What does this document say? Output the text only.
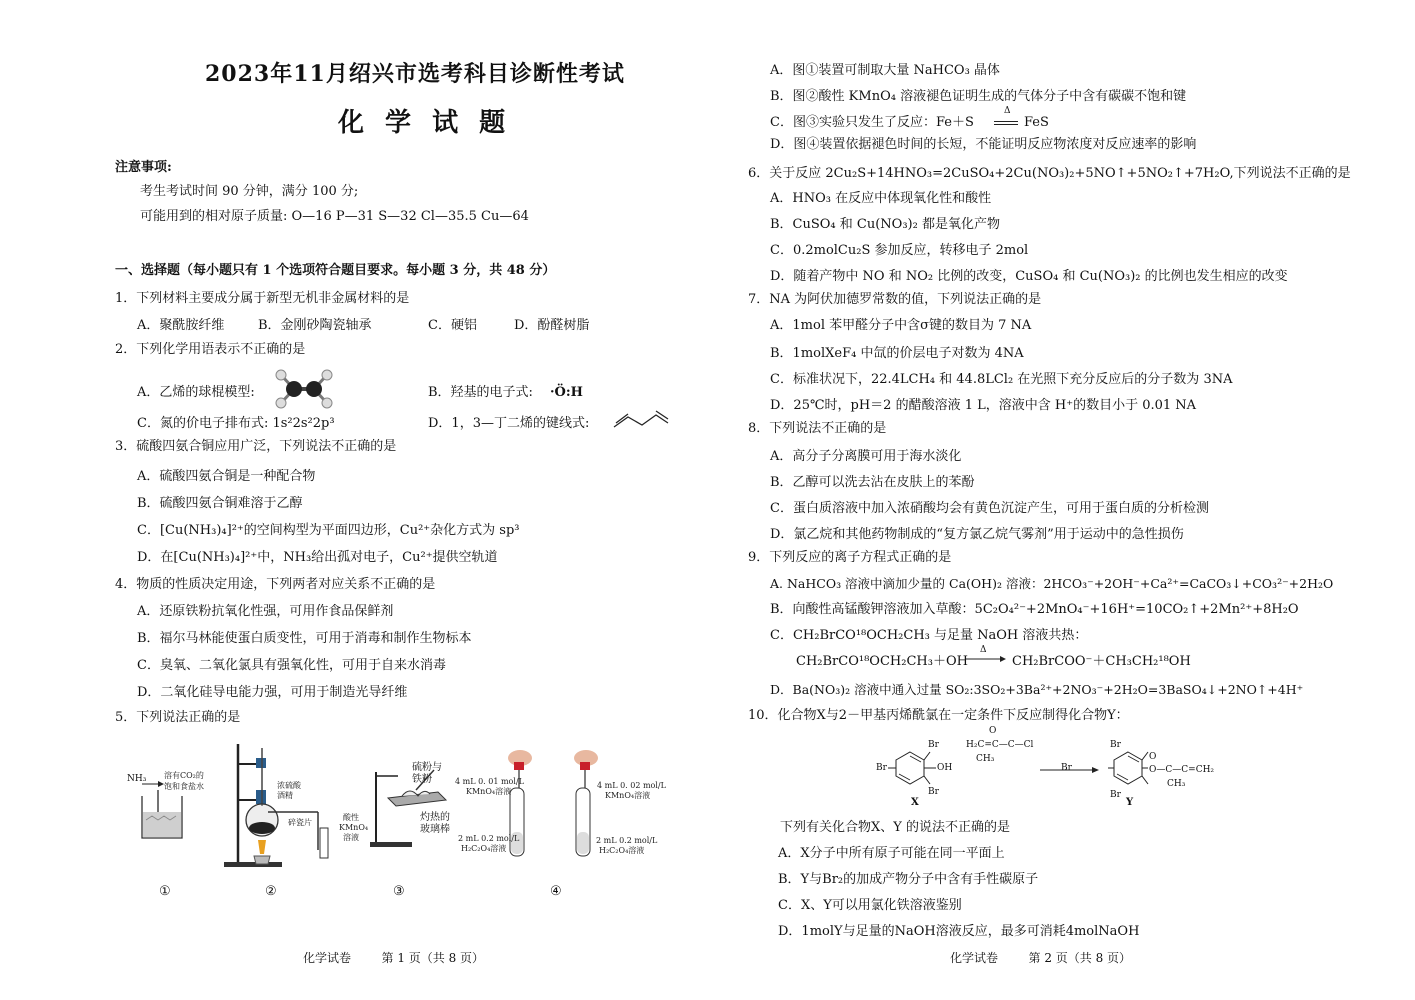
2023年11月绍兴市选考科目诊断性考试
化 学 试 题
注意事项:
考生考试时间 90 分钟，满分 100 分;
可能用到的相对原子质量: O—16 P—31 S—32 Cl—35.5 Cu—64
一、选择题（每小题只有 1 个选项符合题目要求。每小题 3 分，共 48 分）
1．下列材料主要成分属于新型无机非金属材料的是
A．聚酰胺纤维	B．金刚砂陶瓷轴承	C．硬铝	D．酚醛树脂
2．下列化学用语表示不正确的是
A．乙烯的球棍模型:	B．羟基的电子式: ·Ö:H
C．氮的价电子排布式: 1s²2s²2p³	D．1，3—丁二烯的键线式:
3．硫酸四氨合铜应用广泛，下列说法不正确的是
A．硫酸四氨合铜是一种配合物
B．硫酸四氨合铜难溶于乙醇
C．[Cu(NH₃)₄]²⁺的空间构型为平面四边形，Cu²⁺杂化方式为 sp³
D．在[Cu(NH₃)₄]²⁺中，NH₃给出孤对电子，Cu²⁺提供空轨道
4．物质的性质决定用途，下列两者对应关系不正确的是
A．还原铁粉抗氧化性强，可用作食品保鲜剂
B．福尔马林能使蛋白质变性，可用于消毒和制作生物标本
C．臭氧、二氧化氯具有强氧化性，可用于自来水消毒
D．二氧化硅导电能力强，可用于制造光导纤维
5．下列说法正确的是
NH₃ 溶有CO₂的
饱和食盐水	浓硫酸
酒精
碎瓷片
酸性
KMnO₄
溶液
硫粉与
铁粉
灼热的
玻璃棒
4 mL 0. 01 mol/L
KMnO₄溶液
2 mL 0.2 mol/L
H₂C₂O₄溶液
4 mL 0. 02 mol/L
KMnO₄溶液
2 mL 0.2 mol/L
H₂C₂O₄溶液
①	②	③	④
化学试卷        第 1 页（共 8 页）
A．图①装置可制取大量 NaHCO₃ 晶体
B．图②酸性 KMnO₄ 溶液褪色证明生成的气体分子中含有碳碳不饱和键
C．图③实验只发生了反应：Fe＋S
Δ
FeS
D．图④装置依据褪色时间的长短，不能证明反应物浓度对反应速率的影响
6．关于反应 2Cu₂S+14HNO₃=2CuSO₄+2Cu(NO₃)₂+5NO↑+5NO₂↑+7H₂O,下列说法不正确的是
A．HNO₃ 在反应中体现氧化性和酸性
B．CuSO₄ 和 Cu(NO₃)₂ 都是氧化产物
C．0.2molCu₂S 参加反应，转移电子 2mol
D．随着产物中 NO 和 NO₂ 比例的改变，CuSO₄ 和 Cu(NO₃)₂ 的比例也发生相应的改变
7．NA 为阿伏加德罗常数的值，下列说法正确的是
A．1mol 苯甲醛分子中含σ键的数目为 7 NA
B．1molXeF₄ 中氙的价层电子对数为 4NA
C．标准状况下，22.4LCH₄ 和 44.8LCl₂ 在光照下充分反应后的分子数为 3NA
D．25℃时，pH＝2 的醋酸溶液 1 L，溶液中含 H⁺的数目小于 0.01 NA
8．下列说法不正确的是
A．高分子分离膜可用于海水淡化
B．乙醇可以洗去沾在皮肤上的苯酚
C．蛋白质溶液中加入浓硝酸均会有黄色沉淀产生，可用于蛋白质的分析检测
D．氯乙烷和其他药物制成的“复方氯乙烷气雾剂”用于运动中的急性损伤
9．下列反应的离子方程式正确的是
A. NaHCO₃ 溶液中滴加少量的 Ca(OH)₂ 溶液：2HCO₃⁻+2OH⁻+Ca²⁺=CaCO₃↓+CO₃²⁻+2H₂O
B．向酸性高锰酸钾溶液加入草酸：5C₂O₄²⁻+2MnO₄⁻+16H⁺=10CO₂↑+2Mn²⁺+8H₂O
C．CH₂BrCO¹⁸OCH₂CH₃ 与足量 NaOH 溶液共热：
CH₂BrCO¹⁸OCH₂CH₃＋OH⁻
Δ
→ CH₂BrCOO⁻＋CH₃CH₂¹⁸OH
D．Ba(NO₃)₂ 溶液中通入过量 SO₂:3SO₂+3Ba²⁺+2NO₃⁻+2H₂O=3BaSO₄↓+2NO↑+4H⁺
10．化合物X与2－甲基丙烯酰氯在一定条件下反应制得化合物Y：
Br
Br
Br
OH
X
O
H₂C=C—C—Cl
CH₃
Br
Br
Br
O
O—C—C=CH₂
CH₃
Y
下列有关化合物X、Y 的说法不正确的是
A．X分子中所有原子可能在同一平面上
B．Y与Br₂的加成产物分子中含有手性碳原子
C．X、Y可以用氯化铁溶液鉴别
D．1molY与足量的NaOH溶液反应，最多可消耗4molNaOH
化学试卷        第 2 页（共 8 页）
